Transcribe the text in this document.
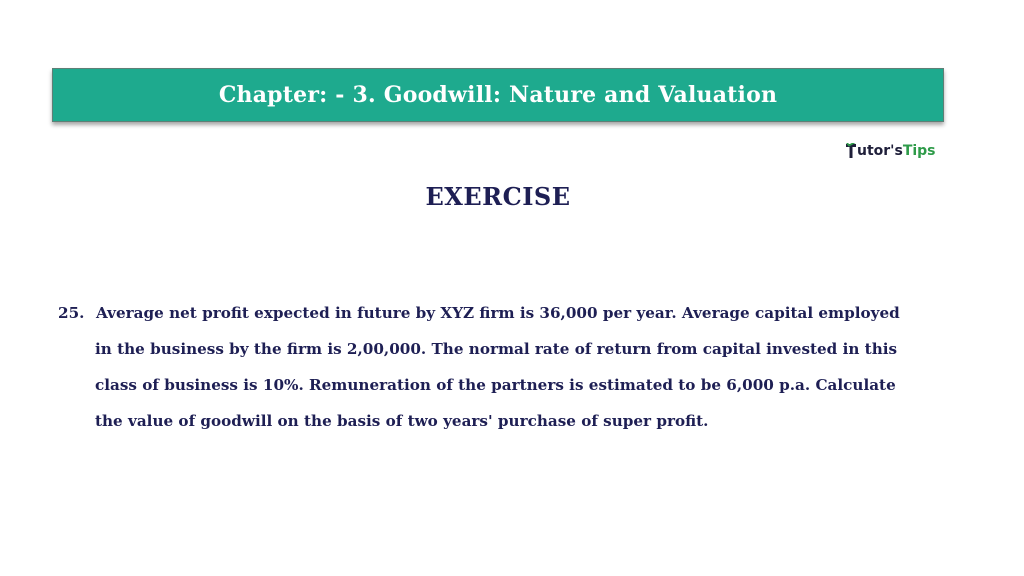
Chapter: - 3. Goodwill: Nature and Valuation
utor's Tips
EXERCISE
25. Average net profit expected in future by XYZ firm is 36,000 per year. Average capital employed
in the business by the firm is 2,00,000. The normal rate of return from capital invested in this
class of business is 10%. Remuneration of the partners is estimated to be 6,000 p.a. Calculate
the value of goodwill on the basis of two years' purchase of super profit.
